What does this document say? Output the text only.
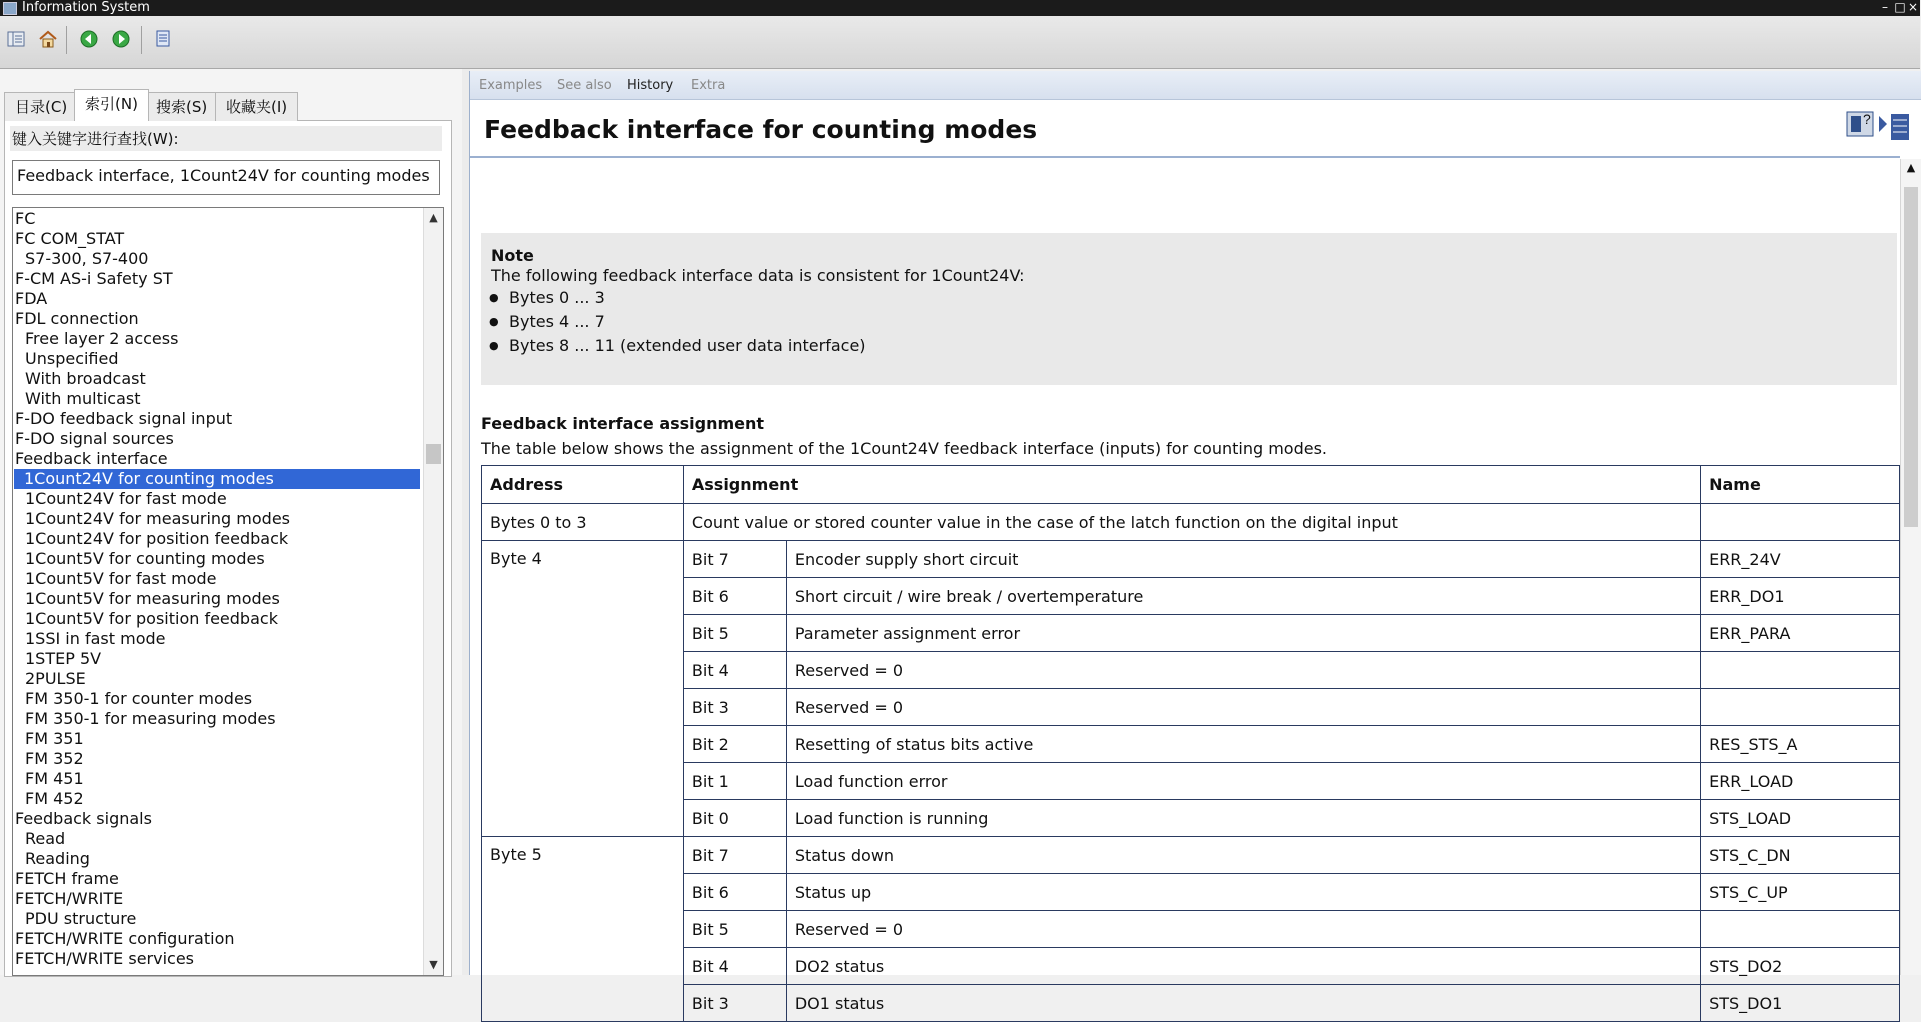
Information System	– □ ×
目录(C)	索引(N)	搜索(S)	收藏夹(I)
键入关键字进行查找(W):
Feedback interface, 1Count24V for counting modes
FETCH/WRITE services
FETCH/WRITE configuration
PDU structure
FETCH/WRITE
FETCH frame
Reading
Read
Feedback signals
FM 452
FM 451
FM 352
FM 351
FM 350-1 for measuring modes
FM 350-1 for counter modes
2PULSE
1STEP 5V
1SSI in fast mode
1Count5V for position feedback
1Count5V for measuring modes
1Count5V for fast mode
1Count5V for counting modes
1Count24V for position feedback
1Count24V for measuring modes
1Count24V for fast mode
1Count24V for counting modes
Feedback interface
F-DO signal sources
F-DO feedback signal input
With multicast
With broadcast
Unspecified
Free layer 2 access
FDL connection
FDA
F-CM AS-i Safety ST
S7-300, S7-400
FC COM_STAT
FC	▲
▼
Examples See also History Extra
Feedback interface for counting modes	?
Note
The following feedback interface data is consistent for 1Count24V:
● Bytes 0 ... 3
● Bytes 4 ... 7
● Bytes 8 ... 11 (extended user data interface)
Feedback interface assignment
The table below shows the assignment of the 1Count24V feedback interface (inputs) for counting modes.
Address	Assignment		Name
Bytes 0 to 3	Count value or stored counter value in the case of the latch function on the digital input		
Byte 4	Bit 7	Encoder supply short circuit	ERR_24V
	Bit 6	Short circuit / wire break / overtemperature	ERR_DO1
	Bit 5	Parameter assignment error	ERR_PARA
	Bit 4	Reserved = 0	
	Bit 3	Reserved = 0	
	Bit 2	Resetting of status bits active	RES_STS_A
	Bit 1	Load function error	ERR_LOAD
	Bit 0	Load function is running	STS_LOAD
Byte 5	Bit 7	Status down	STS_C_DN
	Bit 6	Status up	STS_C_UP
	Bit 5	Reserved = 0	
	Bit 4	DO2 status	STS_DO2
	Bit 3	DO1 status	STS_DO1
▲
